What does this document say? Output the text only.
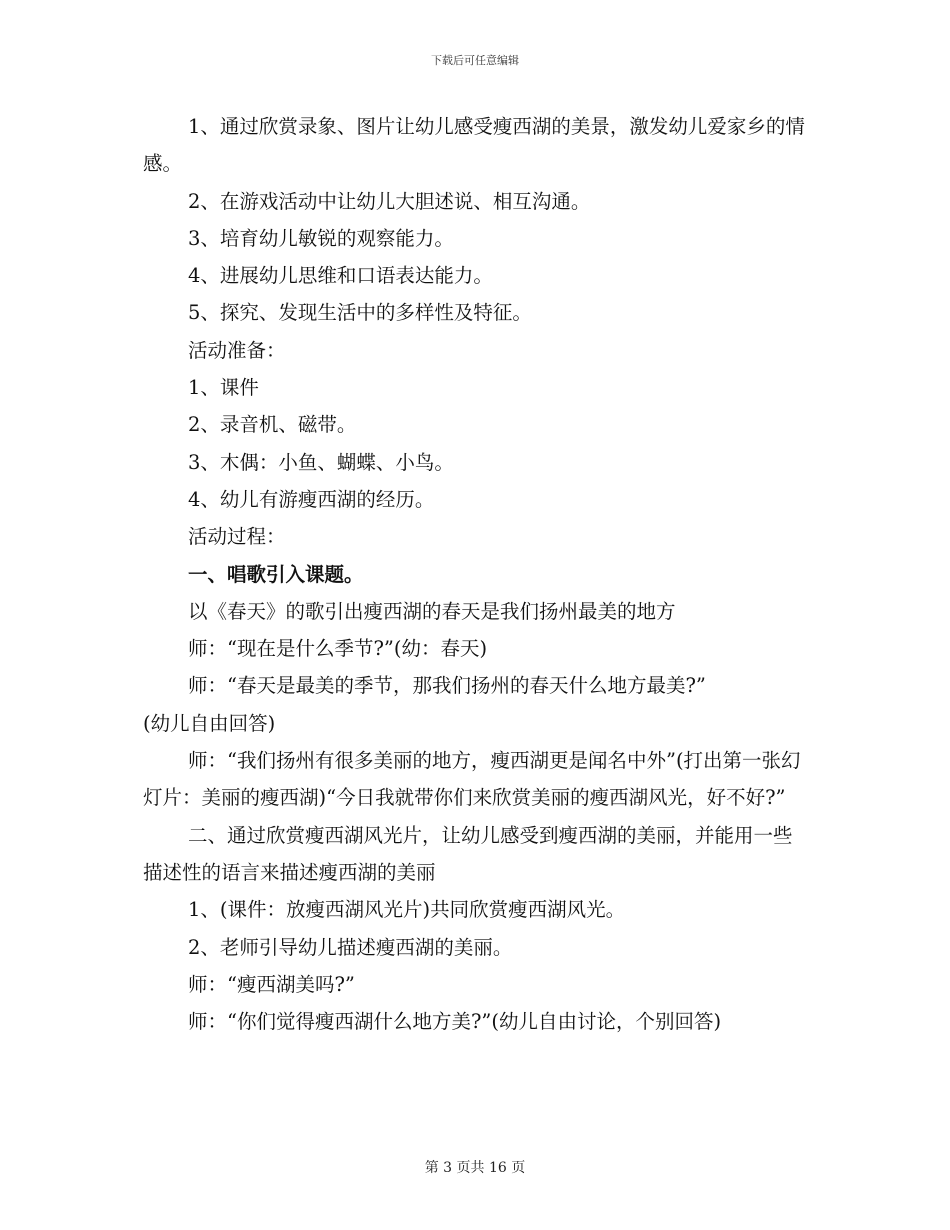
下载后可任意编辑

1、通过欣赏录象、图片让幼儿感受瘦西湖的美景，激发幼儿爱家乡的情感。

2、在游戏活动中让幼儿大胆述说、相互沟通。

3、培育幼儿敏锐的观察能力。

4、进展幼儿思维和口语表达能力。

5、探究、发现生活中的多样性及特征。

活动准备：

1、课件

2、录音机、磁带。

3、木偶：小鱼、蝴蝶、小鸟。

4、幼儿有游瘦西湖的经历。

活动过程：

一、唱歌引入课题。

以《春天》的歌引出瘦西湖的春天是我们扬州最美的地方

师：“现在是什么季节?”(幼：春天)

师：“春天是最美的季节，那我们扬州的春天什么地方最美?”

(幼儿自由回答)

师：“我们扬州有很多美丽的地方，瘦西湖更是闻名中外”(打出第一张幻灯片：美丽的瘦西湖)“今日我就带你们来欣赏美丽的瘦西湖风光，好不好?”

二、通过欣赏瘦西湖风光片，让幼儿感受到瘦西湖的美丽，并能用一些描述性的语言来描述瘦西湖的美丽

1、(课件：放瘦西湖风光片)共同欣赏瘦西湖风光。

2、老师引导幼儿描述瘦西湖的美丽。

师：“瘦西湖美吗?”

师：“你们觉得瘦西湖什么地方美?”(幼儿自由讨论，个别回答)

第 3 页共 16 页
